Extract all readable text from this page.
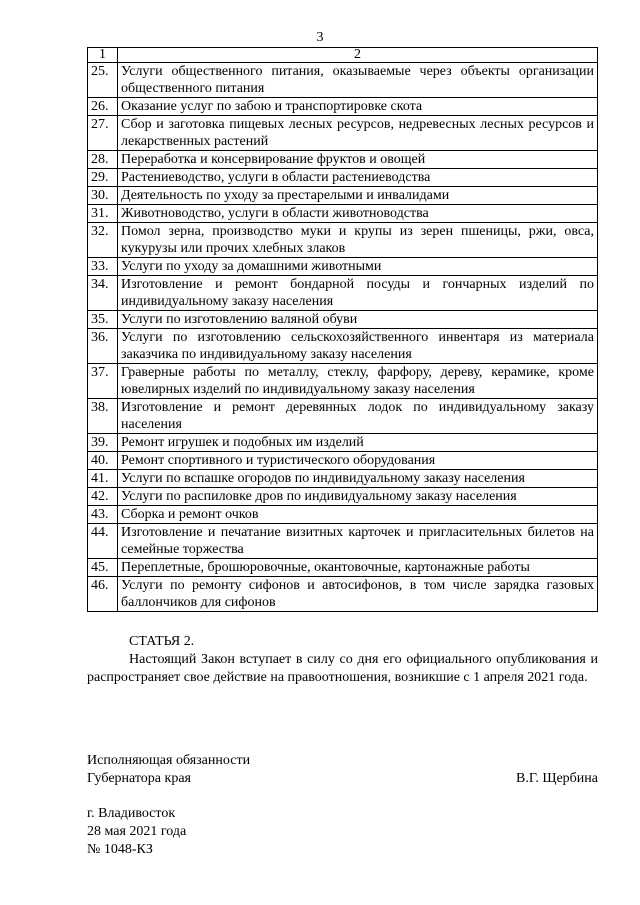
3
1	2
25.	Услуги общественного питания, оказываемые через объекты организации общественного питания
26.	Оказание услуг по забою и транспортировке скота
27.	Сбор и заготовка пищевых лесных ресурсов, недревесных лесных ресурсов и лекарственных растений
28.	Переработка и консервирование фруктов и овощей
29.	Растениеводство, услуги в области растениеводства
30.	Деятельность по уходу за престарелыми и инвалидами
31.	Животноводство, услуги в области животноводства
32.	Помол зерна, производство муки и крупы из зерен пшеницы, ржи, овса, кукурузы или прочих хлебных злаков
33.	Услуги по уходу за домашними животными
34.	Изготовление и ремонт бондарной посуды и гончарных изделий по индивидуальному заказу населения
35.	Услуги по изготовлению валяной обуви
36.	Услуги по изготовлению сельскохозяйственного инвентаря из материала заказчика по индивидуальному заказу населения
37.	Граверные работы по металлу, стеклу, фарфору, дереву, керамике, кроме ювелирных изделий по индивидуальному заказу населения
38.	Изготовление и ремонт деревянных лодок по индивидуальному заказу населения
39.	Ремонт игрушек и подобных им изделий
40.	Ремонт спортивного и туристического оборудования
41.	Услуги по вспашке огородов по индивидуальному заказу населения
42.	Услуги по распиловке дров по индивидуальному заказу населения
43.	Сборка и ремонт очков
44.	Изготовление и печатание визитных карточек и пригласительных билетов на семейные торжества
45.	Переплетные, брошюровочные, окантовочные, картонажные работы
46.	Услуги по ремонту сифонов и автосифонов, в том числе зарядка газовых баллончиков для сифонов
СТАТЬЯ 2.

Настоящий Закон вступает в силу со дня его официального опубликования и распространяет свое действие на правоотношения, возникшие с 1 апреля 2021 года.

Исполняющая обязанности
Губернатора края	В.Г. Щербина
г. Владивосток
28 мая 2021 года
№ 1048-КЗ
